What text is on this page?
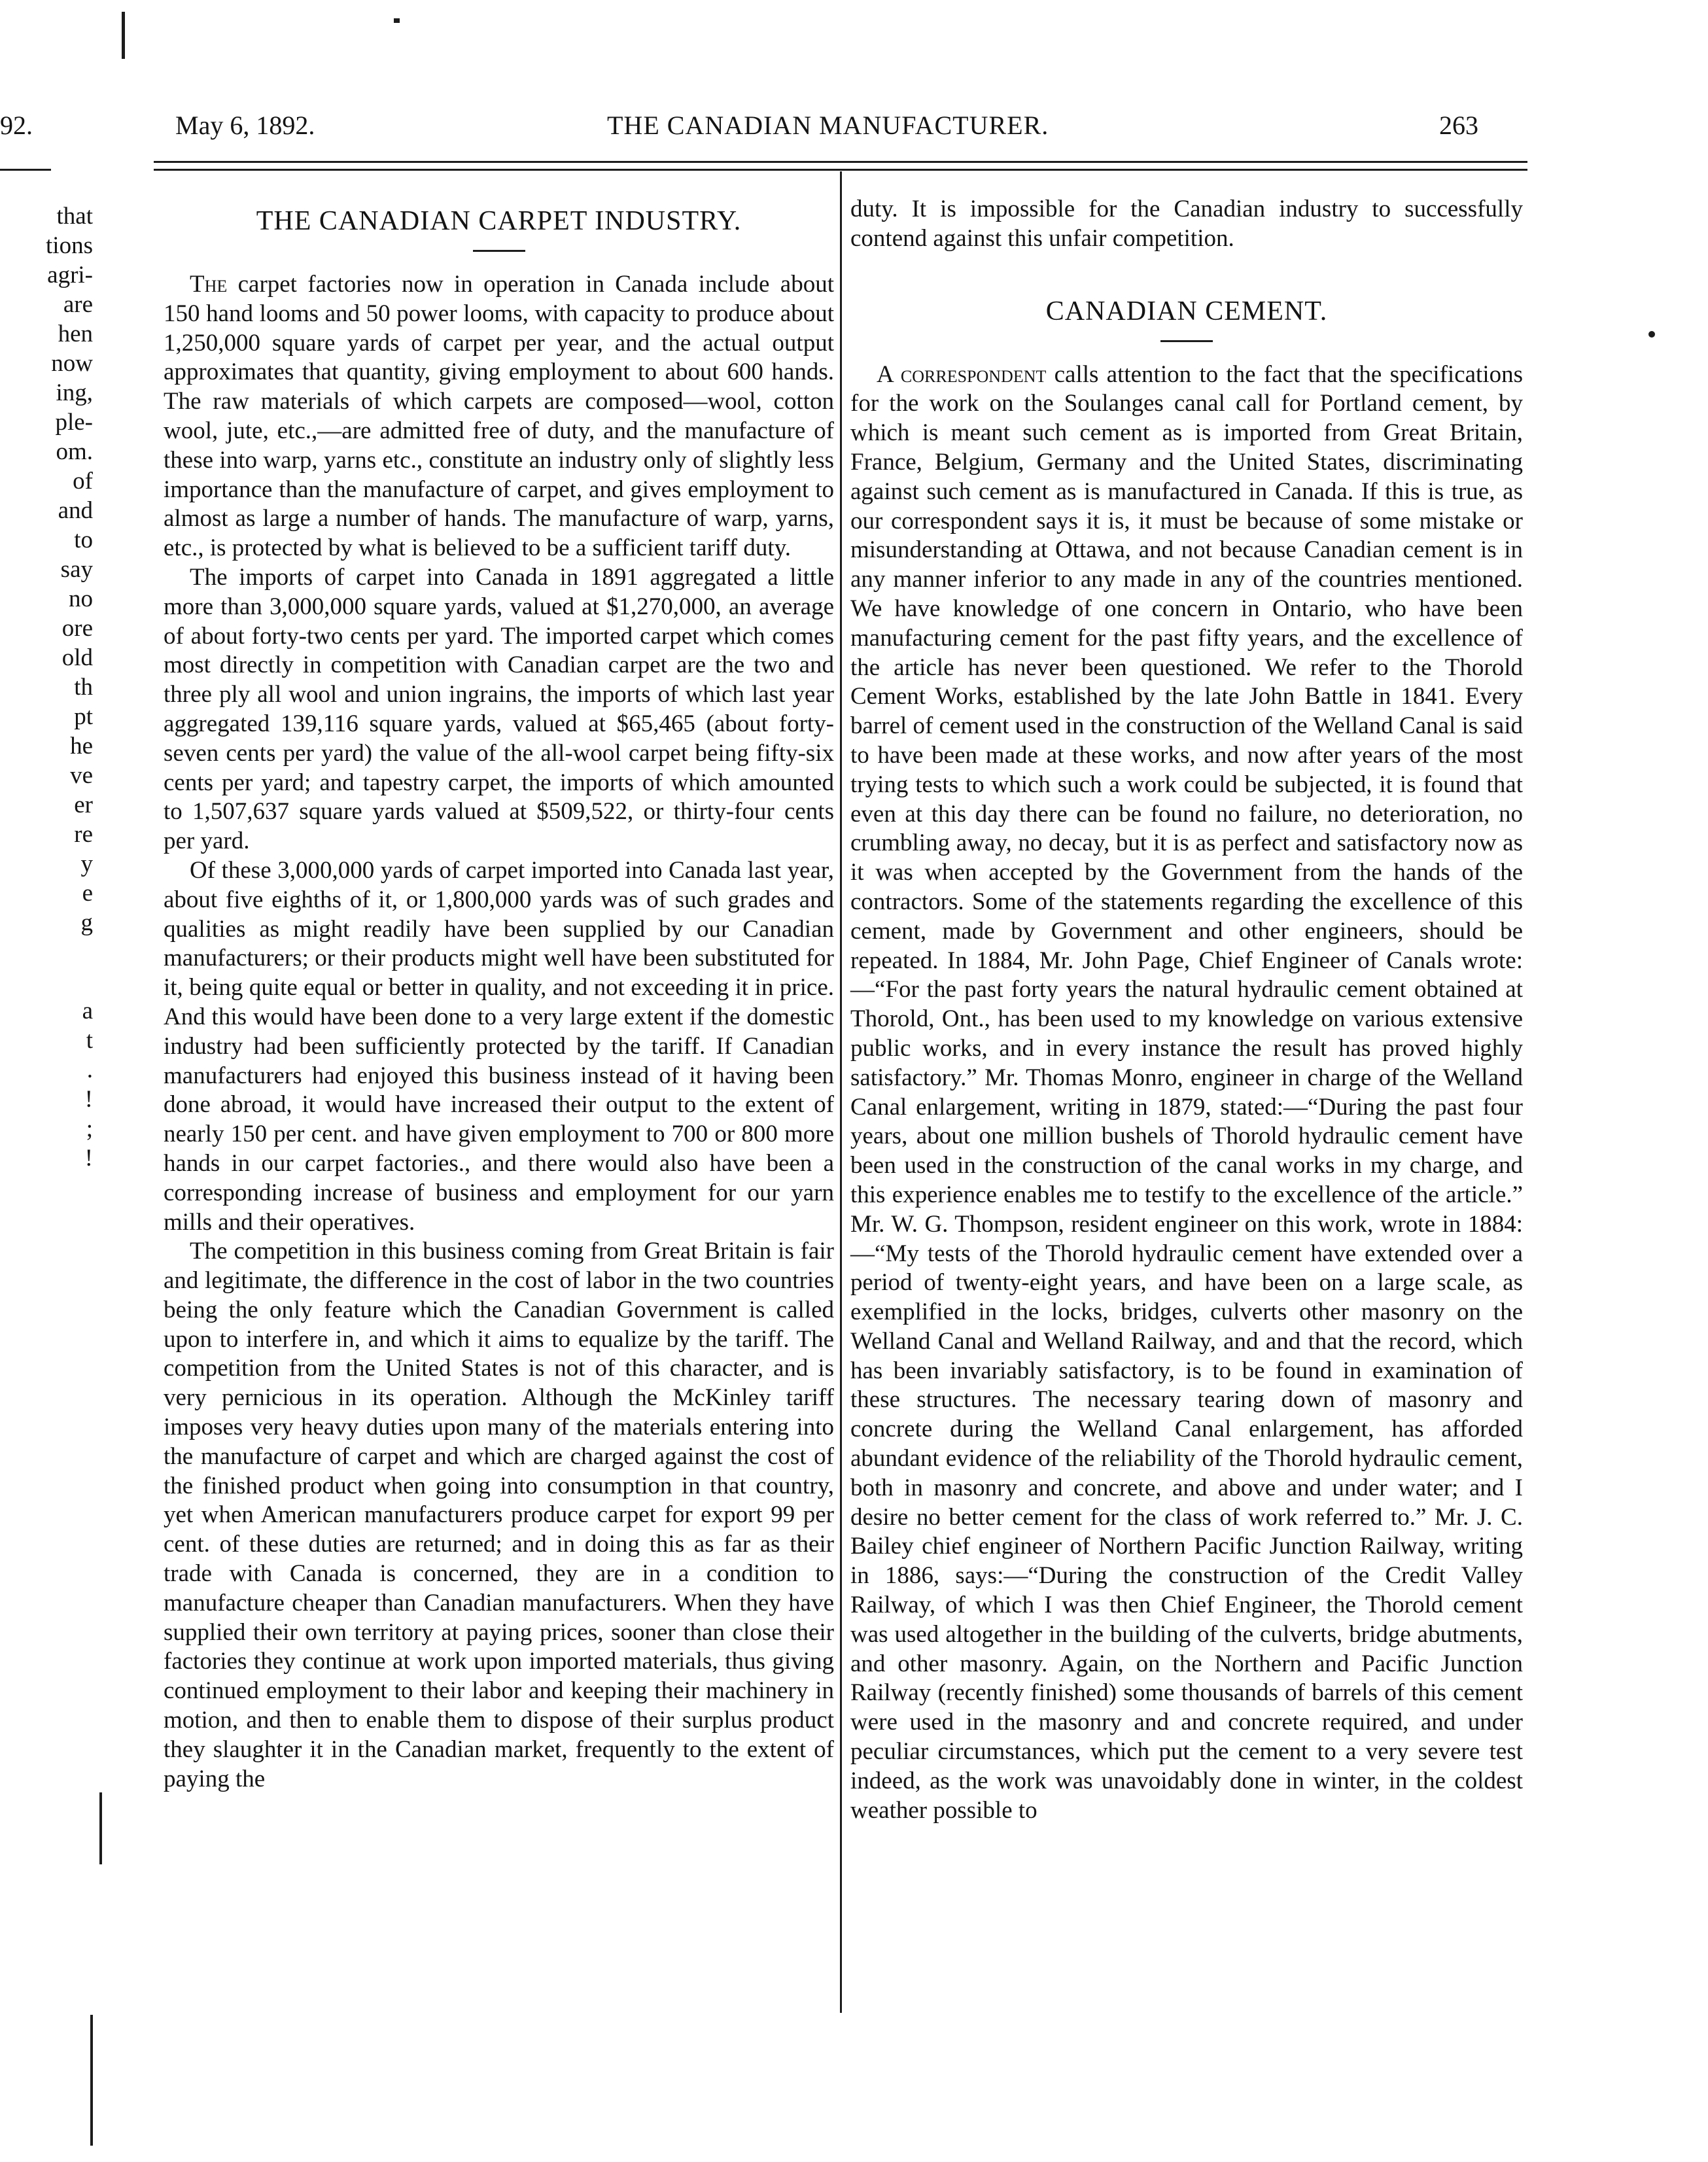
92.	May 6, 1892.	THE CANADIAN MANUFACTURER.	263
that
tions
agri-
are
hen
now
ing,
ple-
om.
of
and
to
say
no
ore
old
th
pt
he
ve
er
re
y
e
g

a
t
.
!
;
!
THE CANADIAN CARPET INDUSTRY.

The carpet factories now in operation in Canada include about 150 hand looms and 50 power looms, with capacity to produce about 1,250,000 square yards of carpet per year, and the actual output approximates that quantity, giving employment to about 600 hands. The raw materials of which carpets are composed—wool, cotton wool, jute, etc.,—are admitted free of duty, and the manufacture of these into warp, yarns etc., constitute an industry only of slightly less importance than the manufacture of carpet, and gives employment to almost as large a number of hands. The manufacture of warp, yarns, etc., is protected by what is believed to be a sufficient tariff duty.

The imports of carpet into Canada in 1891 aggregated a little more than 3,000,000 square yards, valued at $1,270,000, an average of about forty-two cents per yard. The imported carpet which comes most directly in competition with Canadian carpet are the two and three ply all wool and union ingrains, the imports of which last year aggregated 139,116 square yards, valued at $65,465 (about forty-seven cents per yard) the value of the all-wool carpet being fifty-six cents per yard; and tapestry carpet, the imports of which amounted to 1,507,637 square yards valued at $509,522, or thirty-four cents per yard.

Of these 3,000,000 yards of carpet imported into Canada last year, about five eighths of it, or 1,800,000 yards was of such grades and qualities as might readily have been supplied by our Canadian manufacturers; or their products might well have been substituted for it, being quite equal or better in quality, and not exceeding it in price. And this would have been done to a very large extent if the domestic industry had been sufficiently protected by the tariff. If Canadian manufacturers had enjoyed this business instead of it having been done abroad, it would have increased their output to the extent of nearly 150 per cent. and have given employment to 700 or 800 more hands in our carpet factories., and there would also have been a corresponding increase of business and employment for our yarn mills and their operatives.

The competition in this business coming from Great Britain is fair and legitimate, the difference in the cost of labor in the two countries being the only feature which the Canadian Government is called upon to interfere in, and which it aims to equalize by the tariff. The competition from the United States is not of this character, and is very pernicious in its operation. Although the McKinley tariff imposes very heavy duties upon many of the materials entering into the manufacture of carpet and which are charged against the cost of the finished product when going into consumption in that country, yet when American manufacturers produce carpet for export 99 per cent. of these duties are returned; and in doing this as far as their trade with Canada is concerned, they are in a condition to manufacture cheaper than Canadian manufacturers. When they have supplied their own territory at paying prices, sooner than close their factories they continue at work upon imported materials, thus giving continued employment to their labor and keeping their machinery in motion, and then to enable them to dispose of their surplus product they slaughter it in the Canadian market, frequently to the extent of paying the

duty. It is impossible for the Canadian industry to successfully contend against this unfair competition.

CANADIAN CEMENT.

A correspondent calls attention to the fact that the specifications for the work on the Soulanges canal call for Portland cement, by which is meant such cement as is imported from Great Britain, France, Belgium, Germany and the United States, discriminating against such cement as is manufactured in Canada. If this is true, as our correspondent says it is, it must be because of some mistake or misunderstanding at Ottawa, and not because Canadian cement is in any manner inferior to any made in any of the countries mentioned. We have knowledge of one concern in Ontario, who have been manufacturing cement for the past fifty years, and the excellence of the article has never been questioned. We refer to the Thorold Cement Works, established by the late John Battle in 1841. Every barrel of cement used in the construction of the Welland Canal is said to have been made at these works, and now after years of the most trying tests to which such a work could be subjected, it is found that even at this day there can be found no failure, no deterioration, no crumbling away, no decay, but it is as perfect and satisfactory now as it was when accepted by the Government from the hands of the contractors. Some of the statements regarding the excellence of this cement, made by Government and other engineers, should be repeated. In 1884, Mr. John Page, Chief Engineer of Canals wrote:—“For the past forty years the natural hydraulic cement obtained at Thorold, Ont., has been used to my knowledge on various extensive public works, and in every instance the result has proved highly satisfactory.” Mr. Thomas Monro, engineer in charge of the Welland Canal enlargement, writing in 1879, stated:—“During the past four years, about one million bushels of Thorold hydraulic cement have been used in the construction of the canal works in my charge, and this experience enables me to testify to the excellence of the article.” Mr. W. G. Thompson, resident engineer on this work, wrote in 1884:—“My tests of the Thorold hydraulic cement have extended over a period of twenty-eight years, and have been on a large scale, as exemplified in the locks, bridges, culverts other masonry on the Welland Canal and Welland Railway, and and that the record, which has been invariably satisfactory, is to be found in examination of these structures. The necessary tearing down of masonry and concrete during the Welland Canal enlargement, has afforded abundant evidence of the reliability of the Thorold hydraulic cement, both in masonry and concrete, and above and under water; and I desire no better cement for the class of work referred to.” Mr. J. C. Bailey chief engineer of Northern Pacific Junction Railway, writing in 1886, says:—“During the construction of the Credit Valley Railway, of which I was then Chief Engineer, the Thorold cement was used altogether in the building of the culverts, bridge abutments, and other masonry. Again, on the Northern and Pacific Junction Railway (recently finished) some thousands of barrels of this cement were used in the masonry and and concrete required, and under peculiar circumstances, which put the cement to a very severe test indeed, as the work was unavoidably done in winter, in the coldest weather possible to
